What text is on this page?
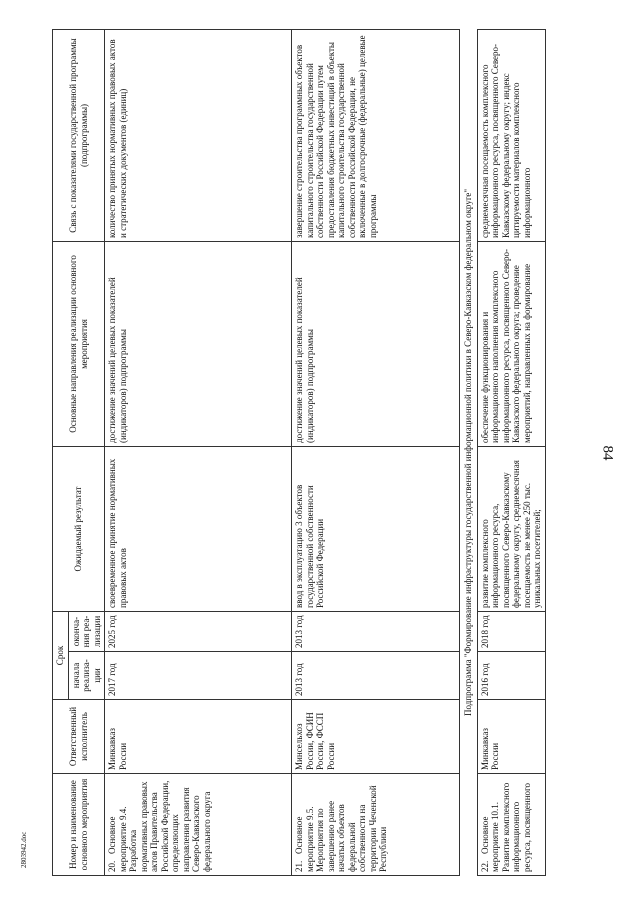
84
2803942.doc	Номер и наименование основного мероприятия	Ответственный исполнитель	Срок		Ожидаемый результат	Основные направления реализации основного мероприятия	Связь с показателями государственной программы (подпрограммы)
		начала реализа-ции	оконча-ния реа-лизации			
20.   Основное мероприятие 9.4. Разработка нормативных правовых актов Правительства Российской Федерации, определяющих направления развития Северо-Кавказского федерального округа	Минкавказ России	2017 год	2025 год	своевременное принятие нормативных правовых актов	достижение значений целевых показателей (индикаторов) подпрограммы	количество принятых нормативных правовых актов и стратегических документов (единиц)
21.   Основное мероприятие 9.5. Мероприятия по завершению ранее начатых объектов федеральной собственности на территории Чеченской Республики	Минсельхоз России, ФСИН России, ФССП России	2013 год	2013 год	ввод в эксплуатацию 3 объектов государственной собственности Российской Федерации	достижение значений целевых показателей (индикаторов) подпрограммы	завершение строительства программных объектов капитального строительства государственной собственности Российской Федерации путем предоставления бюджетных инвестиций в объекты капитального строительства государственной собственности Российской Федерации, не включенные в долгосрочные (федеральные) целевые программы
Подпрограмма "Формирование инфраструктуры государственной информационной политики в Северо-Кавказском федеральном округе"						
22.   Основное мероприятие 10.1. Развитие комплексного информационного ресурса, посвященного	Минкавказ России	2016 год	2018 год	развитие комплексного информационного ресурса, посвященного Северо-Кавказскому федеральному округу, среднемесячная посещаемость не менее 250 тыс. уникальных посетителей;	обеспечение функционирования и информационного наполнения комплексного информационного ресурса, посвященного Северо-Кавказского федерального округа; проведение мероприятий, направленных на формирование	среднемесячная посещаемость комплексного информационного ресурса, посвященного Северо-Кавказскому федеральному округу; индекс цитируемости материалов комплексного информационного
